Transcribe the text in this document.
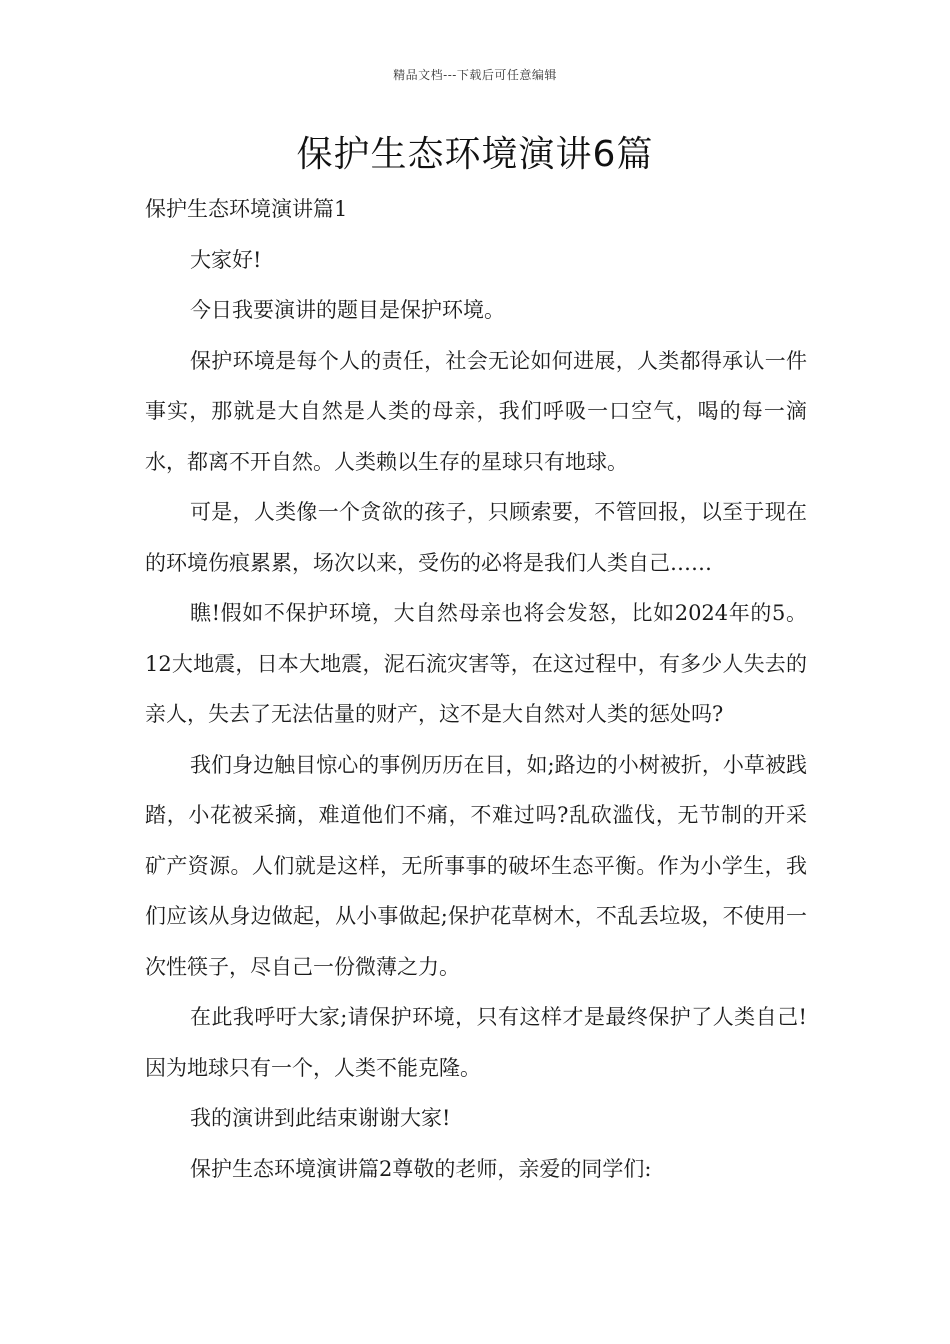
精品文档---下载后可任意编辑
保护生态环境演讲6篇

保护生态环境演讲篇1

大家好!

今日我要演讲的题目是保护环境。

保护环境是每个人的责任，社会无论如何进展，人类都得承认一件事实，那就是大自然是人类的母亲，我们呼吸一口空气，喝的每一滴水，都离不开自然。人类赖以生存的星球只有地球。

可是，人类像一个贪欲的孩子，只顾索要，不管回报，以至于现在的环境伤痕累累，场次以来，受伤的必将是我们人类自己……

瞧!假如不保护环境，大自然母亲也将会发怒，比如2024年的5。12大地震，日本大地震，泥石流灾害等，在这过程中，有多少人失去的亲人，失去了无法估量的财产，这不是大自然对人类的惩处吗?

我们身边触目惊心的事例历历在目，如;路边的小树被折，小草被践踏，小花被采摘，难道他们不痛，不难过吗?乱砍滥伐，无节制的开采矿产资源。人们就是这样，无所事事的破坏生态平衡。作为小学生，我们应该从身边做起，从小事做起;保护花草树木，不乱丢垃圾，不使用一次性筷子，尽自己一份微薄之力。

在此我呼吁大家;请保护环境，只有这样才是最终保护了人类自己!因为地球只有一个，人类不能克隆。

我的演讲到此结束谢谢大家!

保护生态环境演讲篇2尊敬的老师，亲爱的同学们:
